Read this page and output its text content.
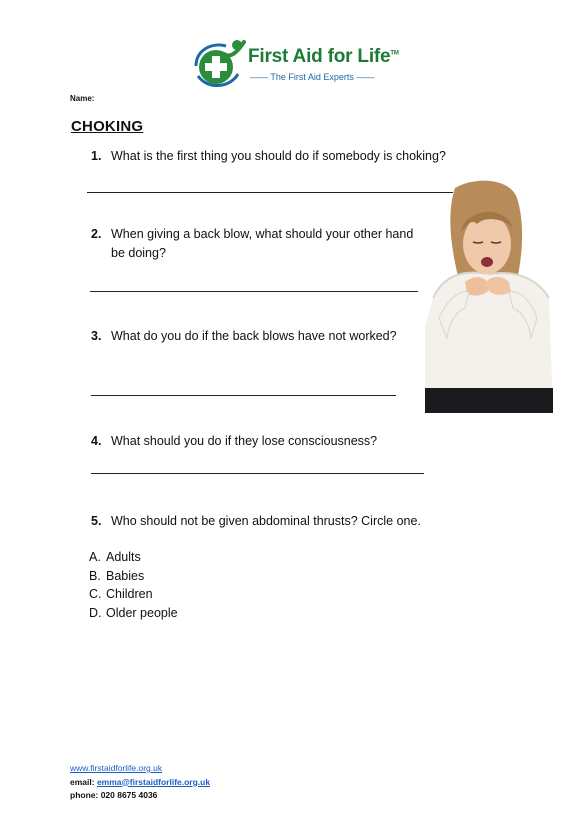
First Aid for Life™
—— The First Aid Experts ——
Name:
CHOKING
1. What is the first thing you should do if somebody is choking?
2. When giving a back blow, what should your other hand
be doing?
3. What do you do if the back blows have not worked?
4. What should you do if they lose consciousness?
5. Who should not be given abdominal thrusts? Circle one.
A. Adults
B. Babies
C. Children
D. Older people
www.firstaidforlife.org.uk
email: emma@firstaidforlife.org.uk
phone: 020 8675 4036
